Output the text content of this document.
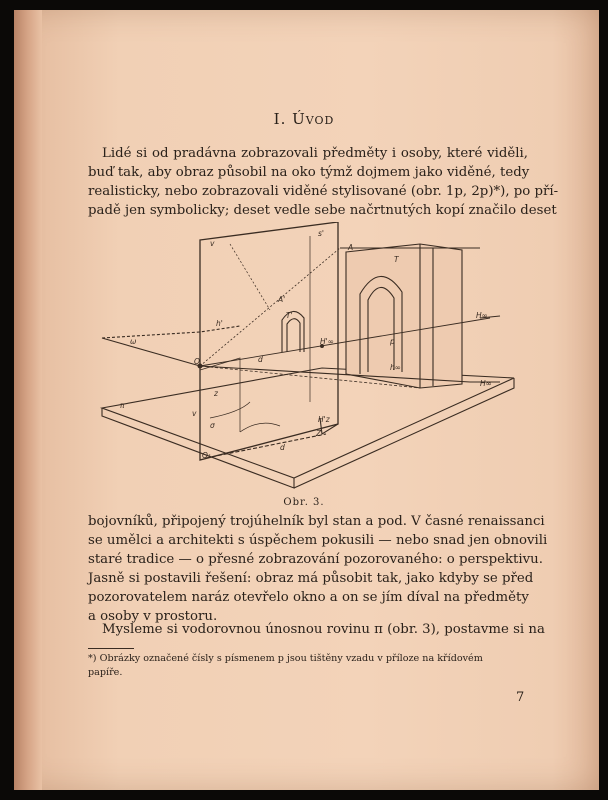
I. Úvod
Lidé si od pradávna zobrazovali předměty i osoby, které viděli,
buď tak, aby obraz působil na oko týmž dojmem jako viděné, tedy
realisticky, nebo zobrazovali viděné stylisované (obr. 1p, 2p)*), po pří-
padě jen symbolicky; deset vedle sebe načrtnutých kopí značilo deset
v
s'
A
T
A'
T'
h'
ω
H∞
H'∞
O	d
p
h∞
H∞
π
z
v
σ
H'z
Z
O₁
d
Obr. 3.
bojovníků, připojený trojúhelník byl stan a pod. V časné renaissanci
se umělci a architekti s úspěchem pokusili — nebo snad jen obnovili
staré tradice — o přesné zobrazování pozorovaného: o perspektivu.
Jasně si postavili řešení: obraz má působit tak, jako kdyby se před
pozorovatelem naráz otevřelo okno a on se jím díval na předměty
a osoby v prostoru.
Mysleme si vodorovnou únosnou rovinu π (obr. 3), postavme si na
*) Obrázky označené čísly s písmenem p jsou tištěny vzadu v příloze na křídovém
papíře.
7
